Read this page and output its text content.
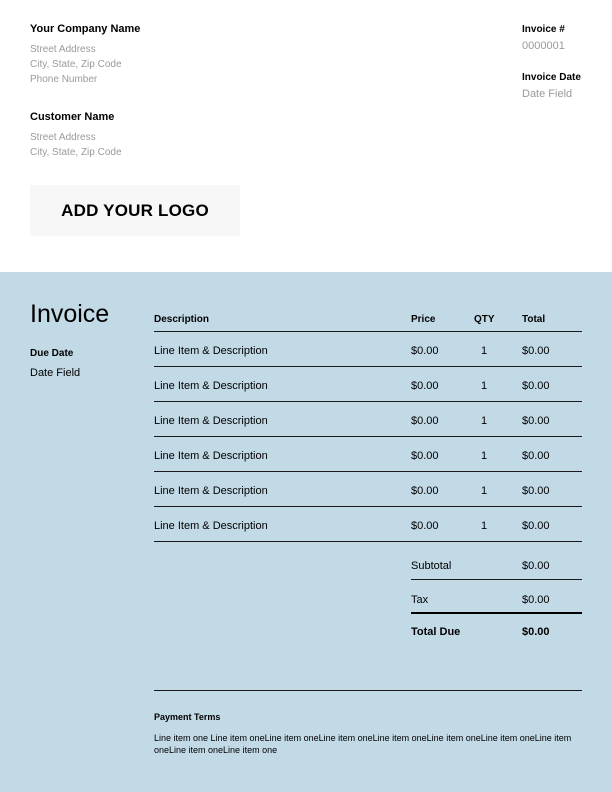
Your Company Name
Street Address
City, State, Zip Code
Phone Number
Customer Name
Street Address
City, State, Zip Code
Invoice #
0000001
Invoice Date
Date Field
ADD YOUR LOGO
Invoice
Due Date
Date Field
Description	Price	QTY	Total
Line Item & Description	$0.00	1	$0.00
Line Item & Description	$0.00	1	$0.00
Line Item & Description	$0.00	1	$0.00
Line Item & Description	$0.00	1	$0.00
Line Item & Description	$0.00	1	$0.00
Line Item & Description	$0.00	1	$0.00
Subtotal	$0.00
Tax	$0.00
Total Due	$0.00
Payment Terms
Line item one Line item oneLine item oneLine item oneLine item oneLine item oneLine item oneLine item oneLine item oneLine item one
